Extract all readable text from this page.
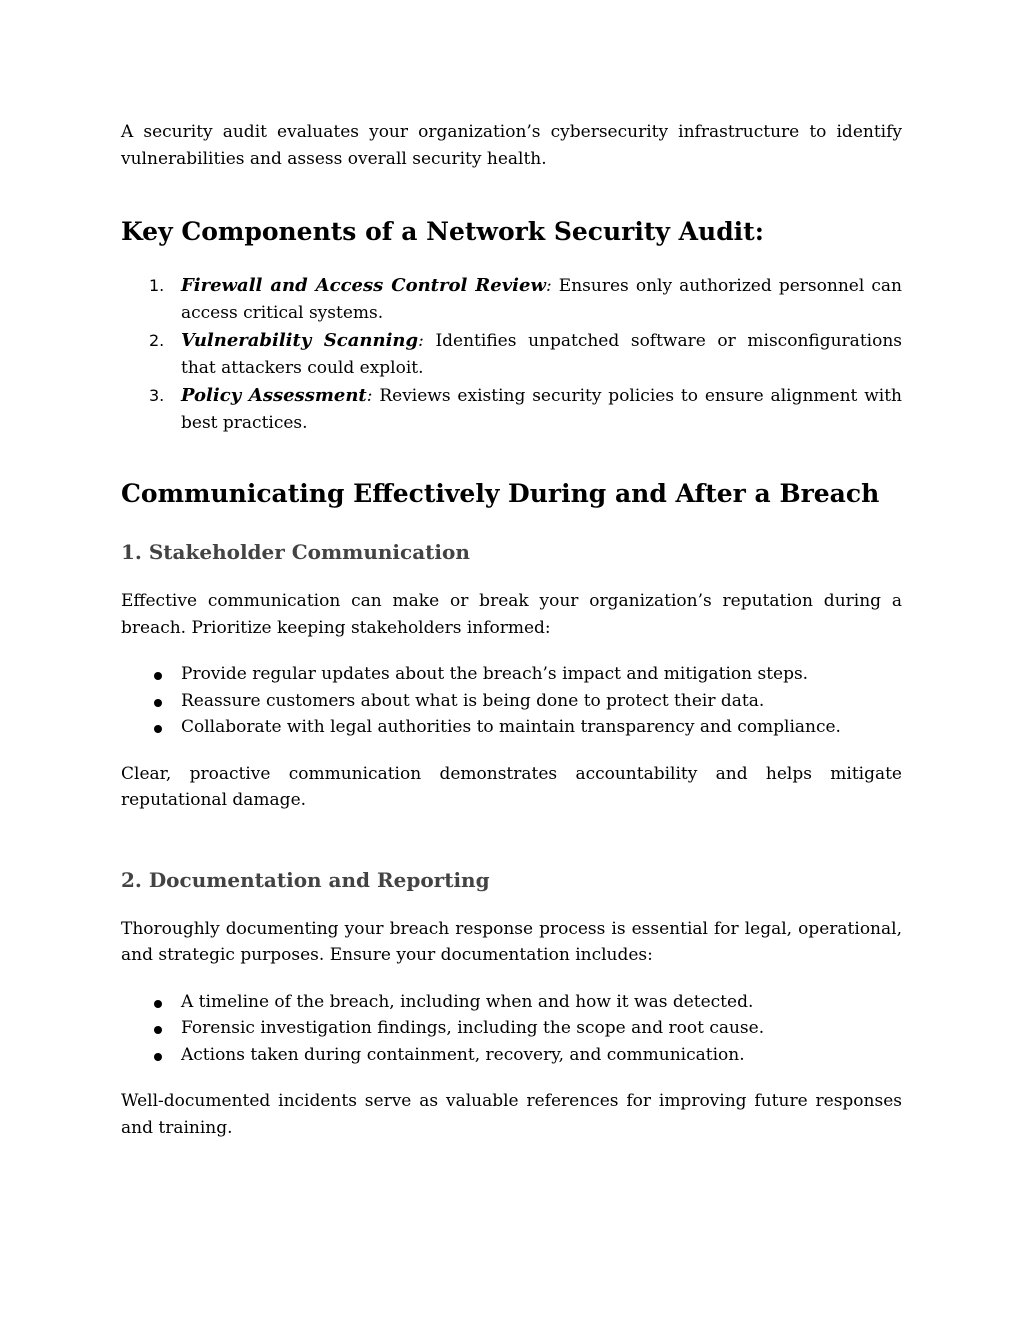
A security audit evaluates your organization’s cybersecurity infrastructure to identify vulnerabilities and assess overall security health.

Key Components of a Network Security Audit:
1. Firewall and Access Control Review: Ensures only authorized personnel can access critical systems.
2. Vulnerability Scanning: Identifies unpatched software or misconfigurations that attackers could exploit.
3. Policy Assessment: Reviews existing security policies to ensure alignment with best practices.
Communicating Effectively During and After a Breach
1. Stakeholder Communication

Effective communication can make or break your organization’s reputation during a breach. Prioritize keeping stakeholders informed:

Provide regular updates about the breach’s impact and mitigation steps.
Reassure customers about what is being done to protect their data.
Collaborate with legal authorities to maintain transparency and compliance.

Clear, proactive communication demonstrates accountability and helps mitigate reputational damage.

2. Documentation and Reporting

Thoroughly documenting your breach response process is essential for legal, operational, and strategic purposes. Ensure your documentation includes:

A timeline of the breach, including when and how it was detected.
Forensic investigation findings, including the scope and root cause.
Actions taken during containment, recovery, and communication.

Well-documented incidents serve as valuable references for improving future responses and training.
